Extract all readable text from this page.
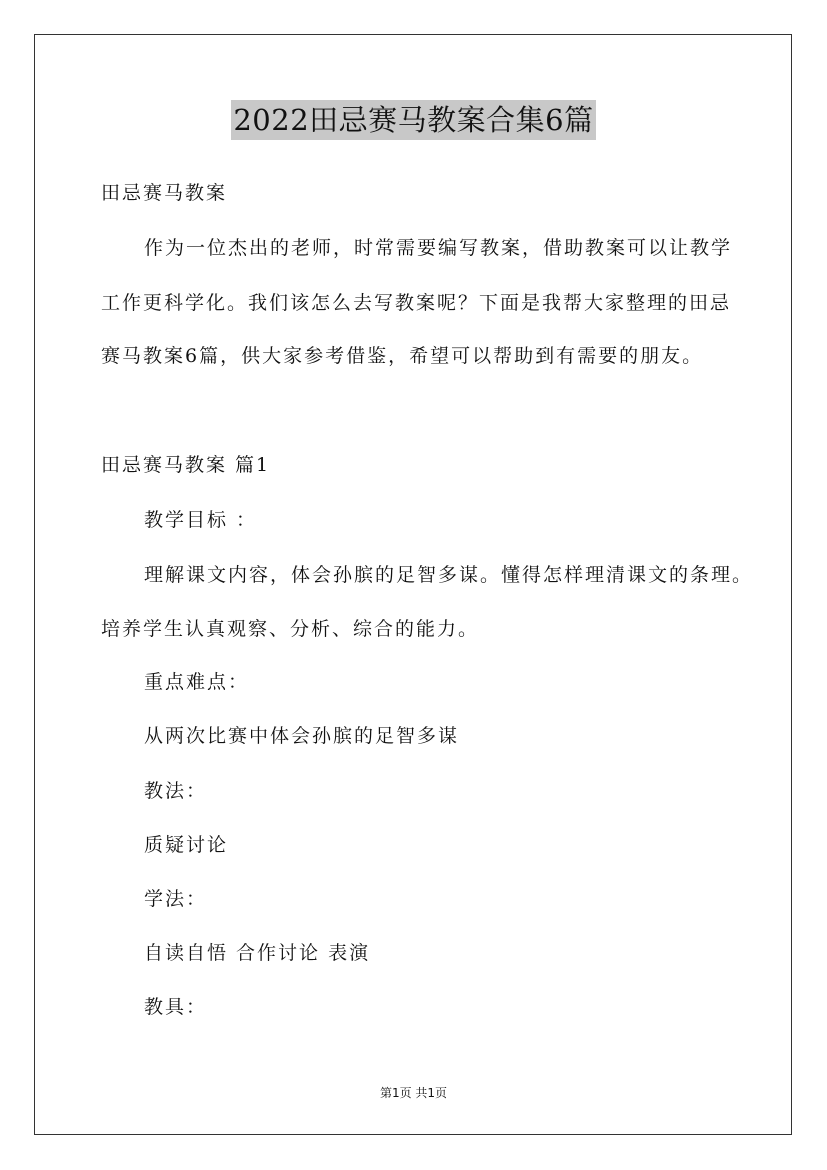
2022田忌赛马教案合集6篇
田忌赛马教案
作为一位杰出的老师，时常需要编写教案，借助教案可以让教学
工作更科学化。我们该怎么去写教案呢？下面是我帮大家整理的田忌
赛马教案6篇，供大家参考借鉴，希望可以帮助到有需要的朋友。
田忌赛马教案 篇1
教学目标 ：
理解课文内容，体会孙膑的足智多谋。懂得怎样理清课文的条理。
培养学生认真观察、分析、综合的能力。
重点难点：
从两次比赛中体会孙膑的足智多谋
教法：
质疑讨论
学法：
自读自悟 合作讨论 表演
教具：
第1页 共1页
